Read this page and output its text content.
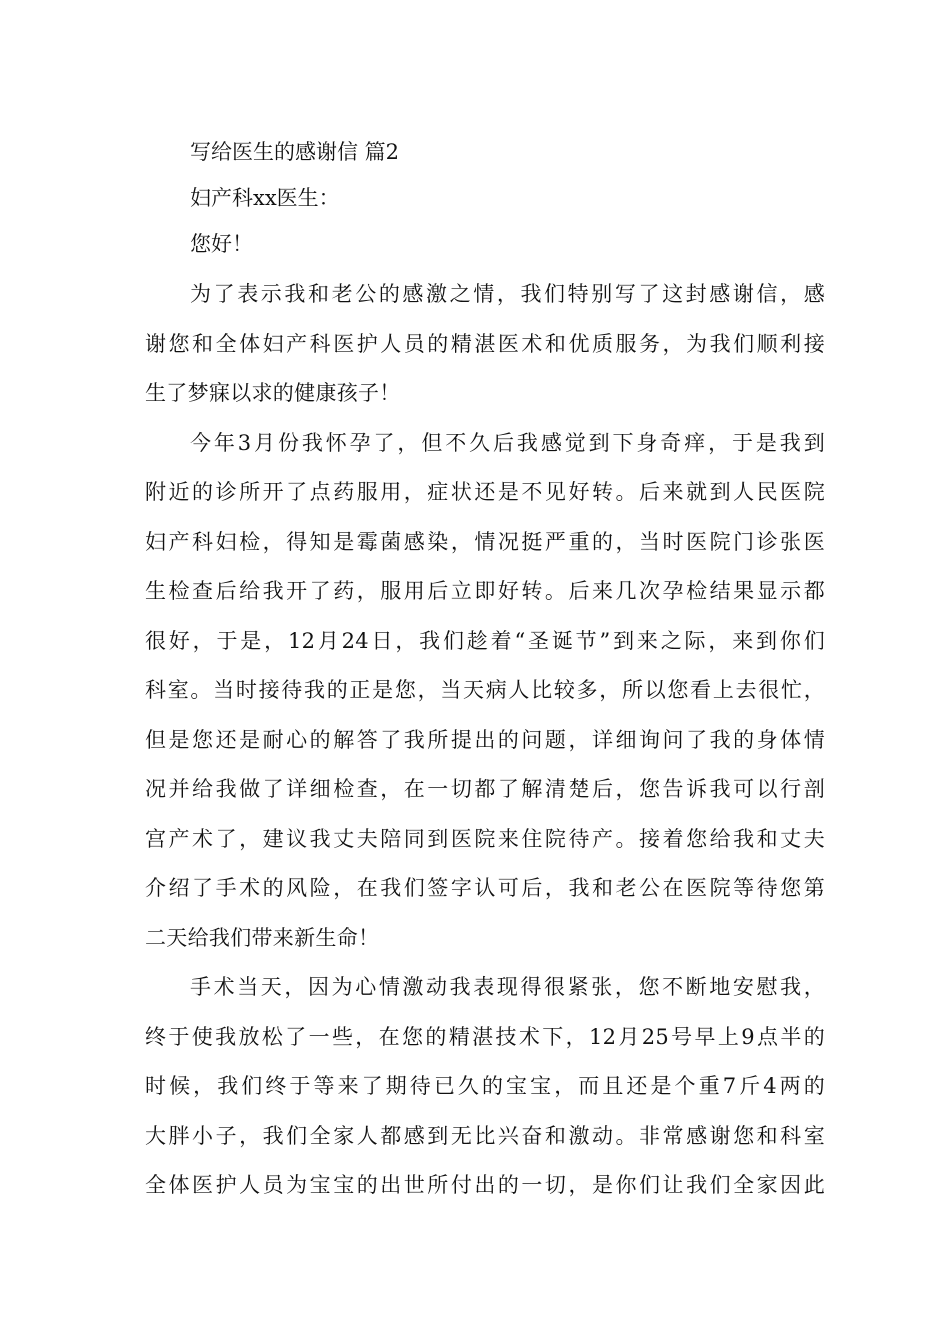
写给医生的感谢信 篇2
妇产科xx医生：
您好！
为了表示我和老公的感激之情，我们特别写了这封感谢信，感
谢您和全体妇产科医护人员的精湛医术和优质服务，为我们顺利接
生了梦寐以求的健康孩子！
今年3月份我怀孕了，但不久后我感觉到下身奇痒，于是我到
附近的诊所开了点药服用，症状还是不见好转。后来就到人民医院
妇产科妇检，得知是霉菌感染，情况挺严重的，当时医院门诊张医
生检查后给我开了药，服用后立即好转。后来几次孕检结果显示都
很好，于是，12月24日，我们趁着“圣诞节”到来之际，来到你们
科室。当时接待我的正是您，当天病人比较多，所以您看上去很忙，
但是您还是耐心的解答了我所提出的问题，详细询问了我的身体情
况并给我做了详细检查，在一切都了解清楚后，您告诉我可以行剖
宫产术了，建议我丈夫陪同到医院来住院待产。接着您给我和丈夫
介绍了手术的风险，在我们签字认可后，我和老公在医院等待您第
二天给我们带来新生命！
手术当天，因为心情激动我表现得很紧张，您不断地安慰我，
终于使我放松了一些，在您的精湛技术下，12月25号早上9点半的
时候，我们终于等来了期待已久的宝宝，而且还是个重7斤4两的
大胖小子，我们全家人都感到无比兴奋和激动。非常感谢您和科室
全体医护人员为宝宝的出世所付出的一切，是你们让我们全家因此
